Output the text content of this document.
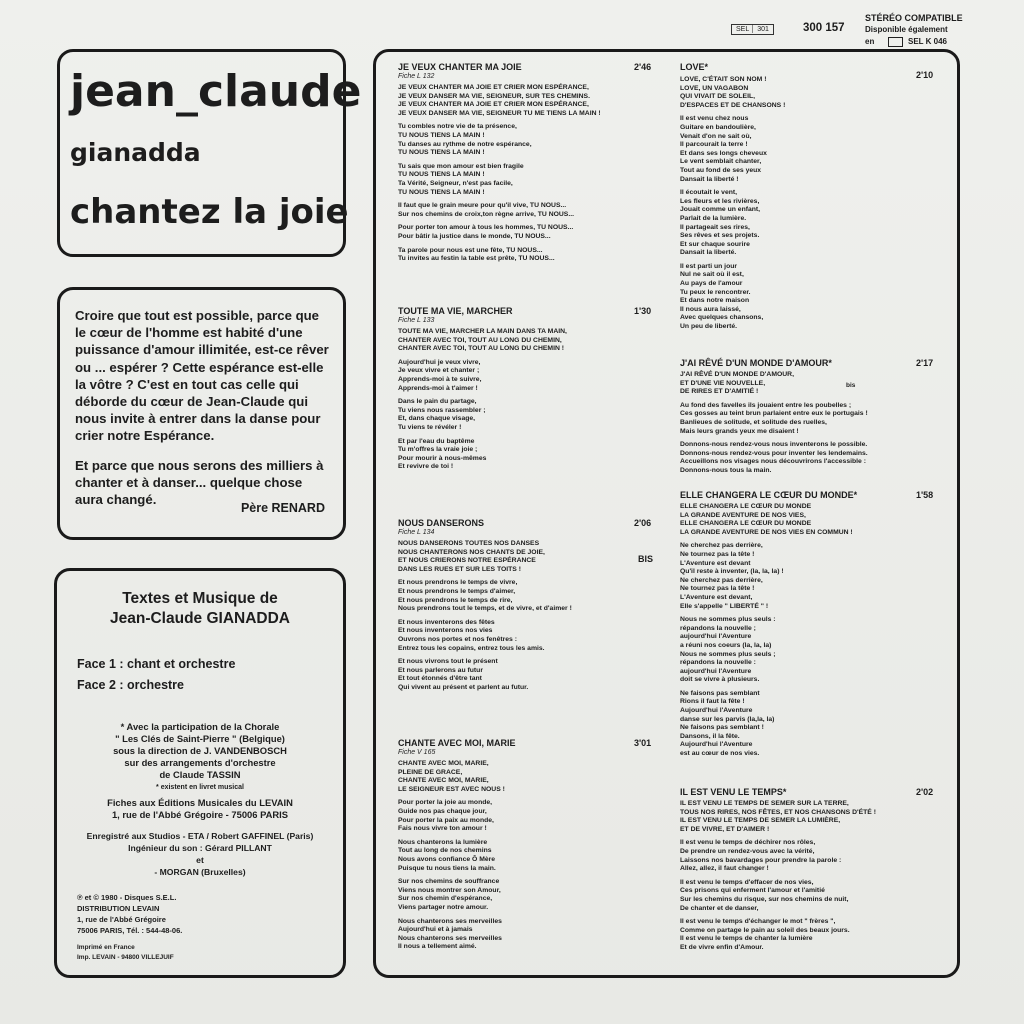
SEL │ 301	300 157
STÉRÉO COMPATIBLE
Disponible également
en	SEL K 046
jean_claude
gianadda
chantez la joie

Croire que tout est possible, parce que le cœur de l'homme est habité d'une puissance d'amour illimitée, est-ce rêver ou ... espérer ? Cette espérance est-elle la vôtre ? C'est en tout cas celle qui déborde du cœur de Jean-Claude qui nous invite à entrer dans la danse pour crier notre Espérance.

Et parce que nous serons des milliers à chanter et à danser... quelque chose aura changé.

Père RENARD
Textes et Musique de
Jean-Claude GIANADDA
Face 1 : chant et orchestre
Face 2 : orchestre
* Avec la participation de la Chorale
" Les Clés de Saint-Pierre " (Belgique)
sous la direction de J. VANDENBOSCH
sur des arrangements d'orchestre
de Claude TASSIN
* existent en livret musical
Fiches aux Éditions Musicales du LEVAIN
1, rue de l'Abbé Grégoire - 75006 PARIS
Enregistré aux Studios - ETA / Robert GAFFINEL (Paris)
Ingénieur du son : Gérard PILLANT
et
- MORGAN (Bruxelles)
℗ et © 1980 - Disques S.E.L.
DISTRIBUTION LEVAIN
1, rue de l'Abbé Grégoire
75006 PARIS, Tél. : 544-48-06.
Imprimé en France
Imp. LEVAIN - 94800 VILLEJUIF
JE VEUX CHANTER MA JOIE	2'46
Fiche L 132
JE VEUX CHANTER MA JOIE ET CRIER MON ESPÉRANCE,
JE VEUX DANSER MA VIE, SEIGNEUR, SUR TES CHEMINS.
JE VEUX CHANTER MA JOIE ET CRIER MON ESPÉRANCE,
JE VEUX DANSER MA VIE, SEIGNEUR TU ME TIENS LA MAIN !
Tu combles notre vie de ta présence,
TU NOUS TIENS LA MAIN !
Tu danses au rythme de notre espérance,
TU NOUS TIENS LA MAIN !
Tu sais que mon amour est bien fragile
TU NOUS TIENS LA MAIN !
Ta Vérité, Seigneur, n'est pas facile,
TU NOUS TIENS LA MAIN !
Il faut que le grain meure pour qu'il vive, TU NOUS...
Sur nos chemins de croix,ton règne arrive, TU NOUS...
Pour porter ton amour à tous les hommes, TU NOUS...
Pour bâtir la justice dans le monde, TU NOUS...
Ta parole pour nous est une fête, TU NOUS...
Tu invites au festin la table est prête, TU NOUS...
TOUTE MA VIE, MARCHER	1'30
Fiche L 133
TOUTE MA VIE, MARCHER LA MAIN DANS TA MAIN,
CHANTER AVEC TOI, TOUT AU LONG DU CHEMIN,
CHANTER AVEC TOI, TOUT AU LONG DU CHEMIN !
Aujourd'hui je veux vivre,
Je veux vivre et chanter ;
Apprends-moi à te suivre,
Apprends-moi à t'aimer !
Dans le pain du partage,
Tu viens nous rassembler ;
Et, dans chaque visage,
Tu viens te révéler !
Et par l'eau du baptême
Tu m'offres la vraie joie ;
Pour mourir à nous-mêmes
Et revivre de toi !
NOUS DANSERONS	2'06
Fiche L 134
BIS
NOUS DANSERONS TOUTES NOS DANSES
NOUS CHANTERONS NOS CHANTS DE JOIE,
ET NOUS CRIERONS NOTRE ESPÉRANCE
DANS LES RUES ET SUR LES TOITS !
Et nous prendrons le temps de vivre,
Et nous prendrons le temps d'aimer,
Et nous prendrons le temps de rire,
Nous prendrons tout le temps, et de vivre, et d'aimer !
Et nous inventerons des fêtes
Et nous inventerons nos vies
Ouvrons nos portes et nos fenêtres :
Entrez tous les copains, entrez tous les amis.
Et nous vivrons tout le présent
Et nous parlerons au futur
Et tout étonnés d'être tant
Qui vivent au présent et parlent au futur.
CHANTE AVEC MOI, MARIE	3'01
Fiche V 165
CHANTE AVEC MOI, MARIE,
PLEINE DE GRACE,
CHANTE AVEC MOI, MARIE,
LE SEIGNEUR EST AVEC NOUS !
Pour porter la joie au monde,
Guide nos pas chaque jour,
Pour porter la paix au monde,
Fais nous vivre ton amour !
Nous chanterons la lumière
Tout au long de nos chemins
Nous avons confiance Ô Mère
Puisque tu nous tiens la main.
Sur nos chemins de souffrance
Viens nous montrer son Amour,
Sur nos chemin d'espérance,
Viens partager notre amour.
Nous chanterons ses merveilles
Aujourd'hui et à jamais
Nous chanterons ses merveilles
Il nous a tellement aimé.
LOVE*
2'10
LOVE, C'ÉTAIT SON NOM !
LOVE, UN VAGABON
QUI VIVAIT DE SOLEIL,
D'ESPACES ET DE CHANSONS !
Il est venu chez nous
Guitare en bandoulière,
Venait d'on ne sait où,
Il parcourait la terre !
Et dans ses longs cheveux
Le vent semblait chanter,
Tout au fond de ses yeux
Dansait la liberté !
Il écoutait le vent,
Les fleurs et les rivières,
Jouait comme un enfant,
Parlait de la lumière.
Il partageait ses rires,
Ses rêves et ses projets.
Et sur chaque sourire
Dansait la liberté.
Il est parti un jour
Nul ne sait où il est,
Au pays de l'amour
Tu peux le rencontrer.
Et dans notre maison
Il nous aura laissé,
Avec quelques chansons,
Un peu de liberté.
J'AI RÊVÉ D'UN MONDE D'AMOUR*	2'17
bis
J'AI RÊVÉ D'UN MONDE D'AMOUR,
ET D'UNE VIE NOUVELLE,
DE RIRES ET D'AMITIÉ !
Au fond des favelles ils jouaient entre les poubelles ;
Ces gosses au teint brun parlaient entre eux le portugais !
Banlieues de solitude, et solitude des ruelles,
Mais leurs grands yeux me disaient !
Donnons-nous rendez-vous nous inventerons le possible.
Donnons-nous rendez-vous pour inventer les lendemains.
Accueillons nos visages nous découvrirons l'accessible :
Donnons-nous tous la main.
ELLE CHANGERA LE CŒUR DU MONDE*	1'58
ELLE CHANGERA LE CŒUR DU MONDE
LA GRANDE AVENTURE DE NOS VIES,
ELLE CHANGERA LE CŒUR DU MONDE
LA GRANDE AVENTURE DE NOS VIES EN COMMUN !
Ne cherchez pas derrière,
Ne tournez pas la tête !
L'Aventure est devant
Qu'il reste à inventer, (la, la, la) !
Ne cherchez pas derrière,
Ne tournez pas la tête !
L'Aventure est devant,
Elle s'appelle " LIBERTÉ " !
Nous ne sommes plus seuls :
répandons la nouvelle ;
aujourd'hui l'Aventure
a réuni nos coeurs (la, la, la)
Nous ne sommes plus seuls ;
répandons la nouvelle :
aujourd'hui l'Aventure
doit se vivre à plusieurs.
Ne faisons pas semblant
Rions il faut la fête !
Aujourd'hui l'Aventure
danse sur les parvis (la,la, la)
Ne faisons pas semblant !
Dansons, il la fête.
Aujourd'hui l'Aventure
est au cœur de nos vies.
IL EST VENU LE TEMPS*	2'02
IL EST VENU LE TEMPS DE SEMER SUR LA TERRE,
TOUS NOS RIRES, NOS FÊTES, ET NOS CHANSONS D'ÉTÉ !
IL EST VENU LE TEMPS DE SEMER LA LUMIÈRE,
ET DE VIVRE, ET D'AIMER !
Il est venu le temps de déchirer nos rôles,
De prendre un rendez-vous avec la vérité,
Laissons nos bavardages pour prendre la parole :
Allez, allez, il faut changer !
Il est venu le temps d'effacer de nos vies,
Ces prisons qui enferment l'amour et l'amitié
Sur les chemins du risque, sur nos chemins de nuit,
De chanter et de danser,
Il est venu le temps d'échanger le mot " frères ",
Comme on partage le pain au soleil des beaux jours.
Il est venu le temps de chanter la lumière
Et de vivre enfin d'Amour.
